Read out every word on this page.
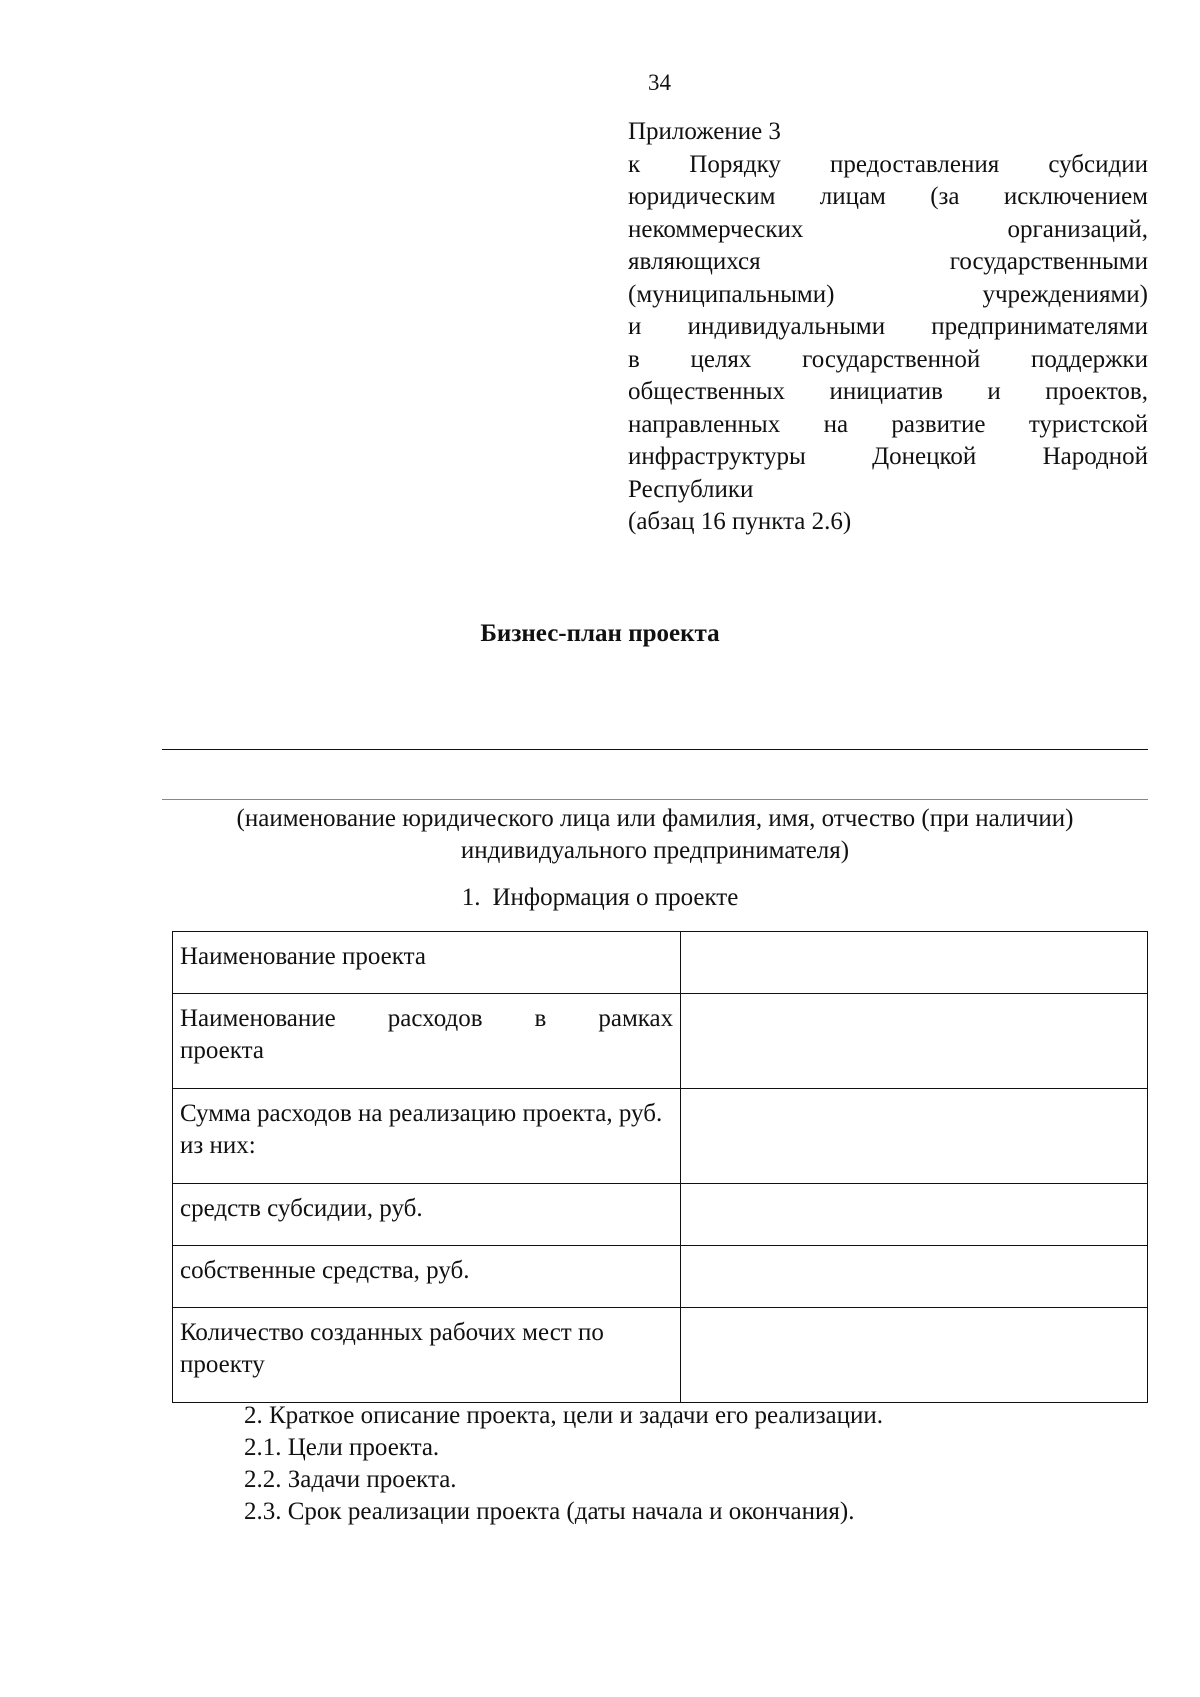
34
Приложение 3
к Порядку предоставления субсидии
юридическим лицам (за исключением
некоммерческих	организаций,
являющихся	государственными
(муниципальными)	учреждениями)
и индивидуальными предпринимателями
в целях государственной поддержки
общественных инициатив и проектов,
направленных на развитие туристской
инфраструктуры	Донецкой	Народной
Республики
(абзац 16 пункта 2.6)
Бизнес-план проекта
(наименование юридического лица или фамилия, имя, отчество (при наличии)
индивидуального предпринимателя)
1. Информация о проекте
Наименование проекта	

Наименование расходов в рамках
проекта	
Сумма расходов на реализацию проекта, руб. из них:	
средств субсидии, руб.	
собственные средства, руб.	
Количество созданных рабочих мест по проекту	
2. Краткое описание проекта, цели и задачи его реализации.
2.1. Цели проекта.
2.2. Задачи проекта.
2.3. Срок реализации проекта (даты начала и окончания).
